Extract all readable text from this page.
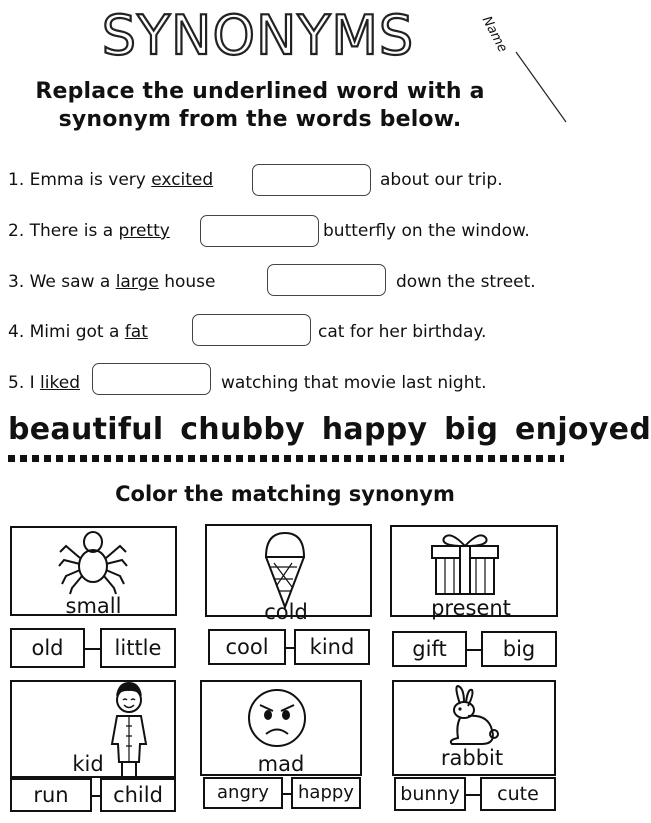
SYNONYMS	Name
Replace the underlined word with a
synonym from the words below.
1. Emma is very excited	about our trip.
2. There is a pretty	butterfly on the window.
3. We saw a large house	down the street.
4. Mimi got a fat	cat for her birthday.
5. I liked	watching that movie last night.
beautiful chubby happy big enjoyed
Color the matching synonym
small
old	little
cold
cool	kind
present
gift	big
kid
run	child
mad
angry	happy
rabbit
bunny	cute
